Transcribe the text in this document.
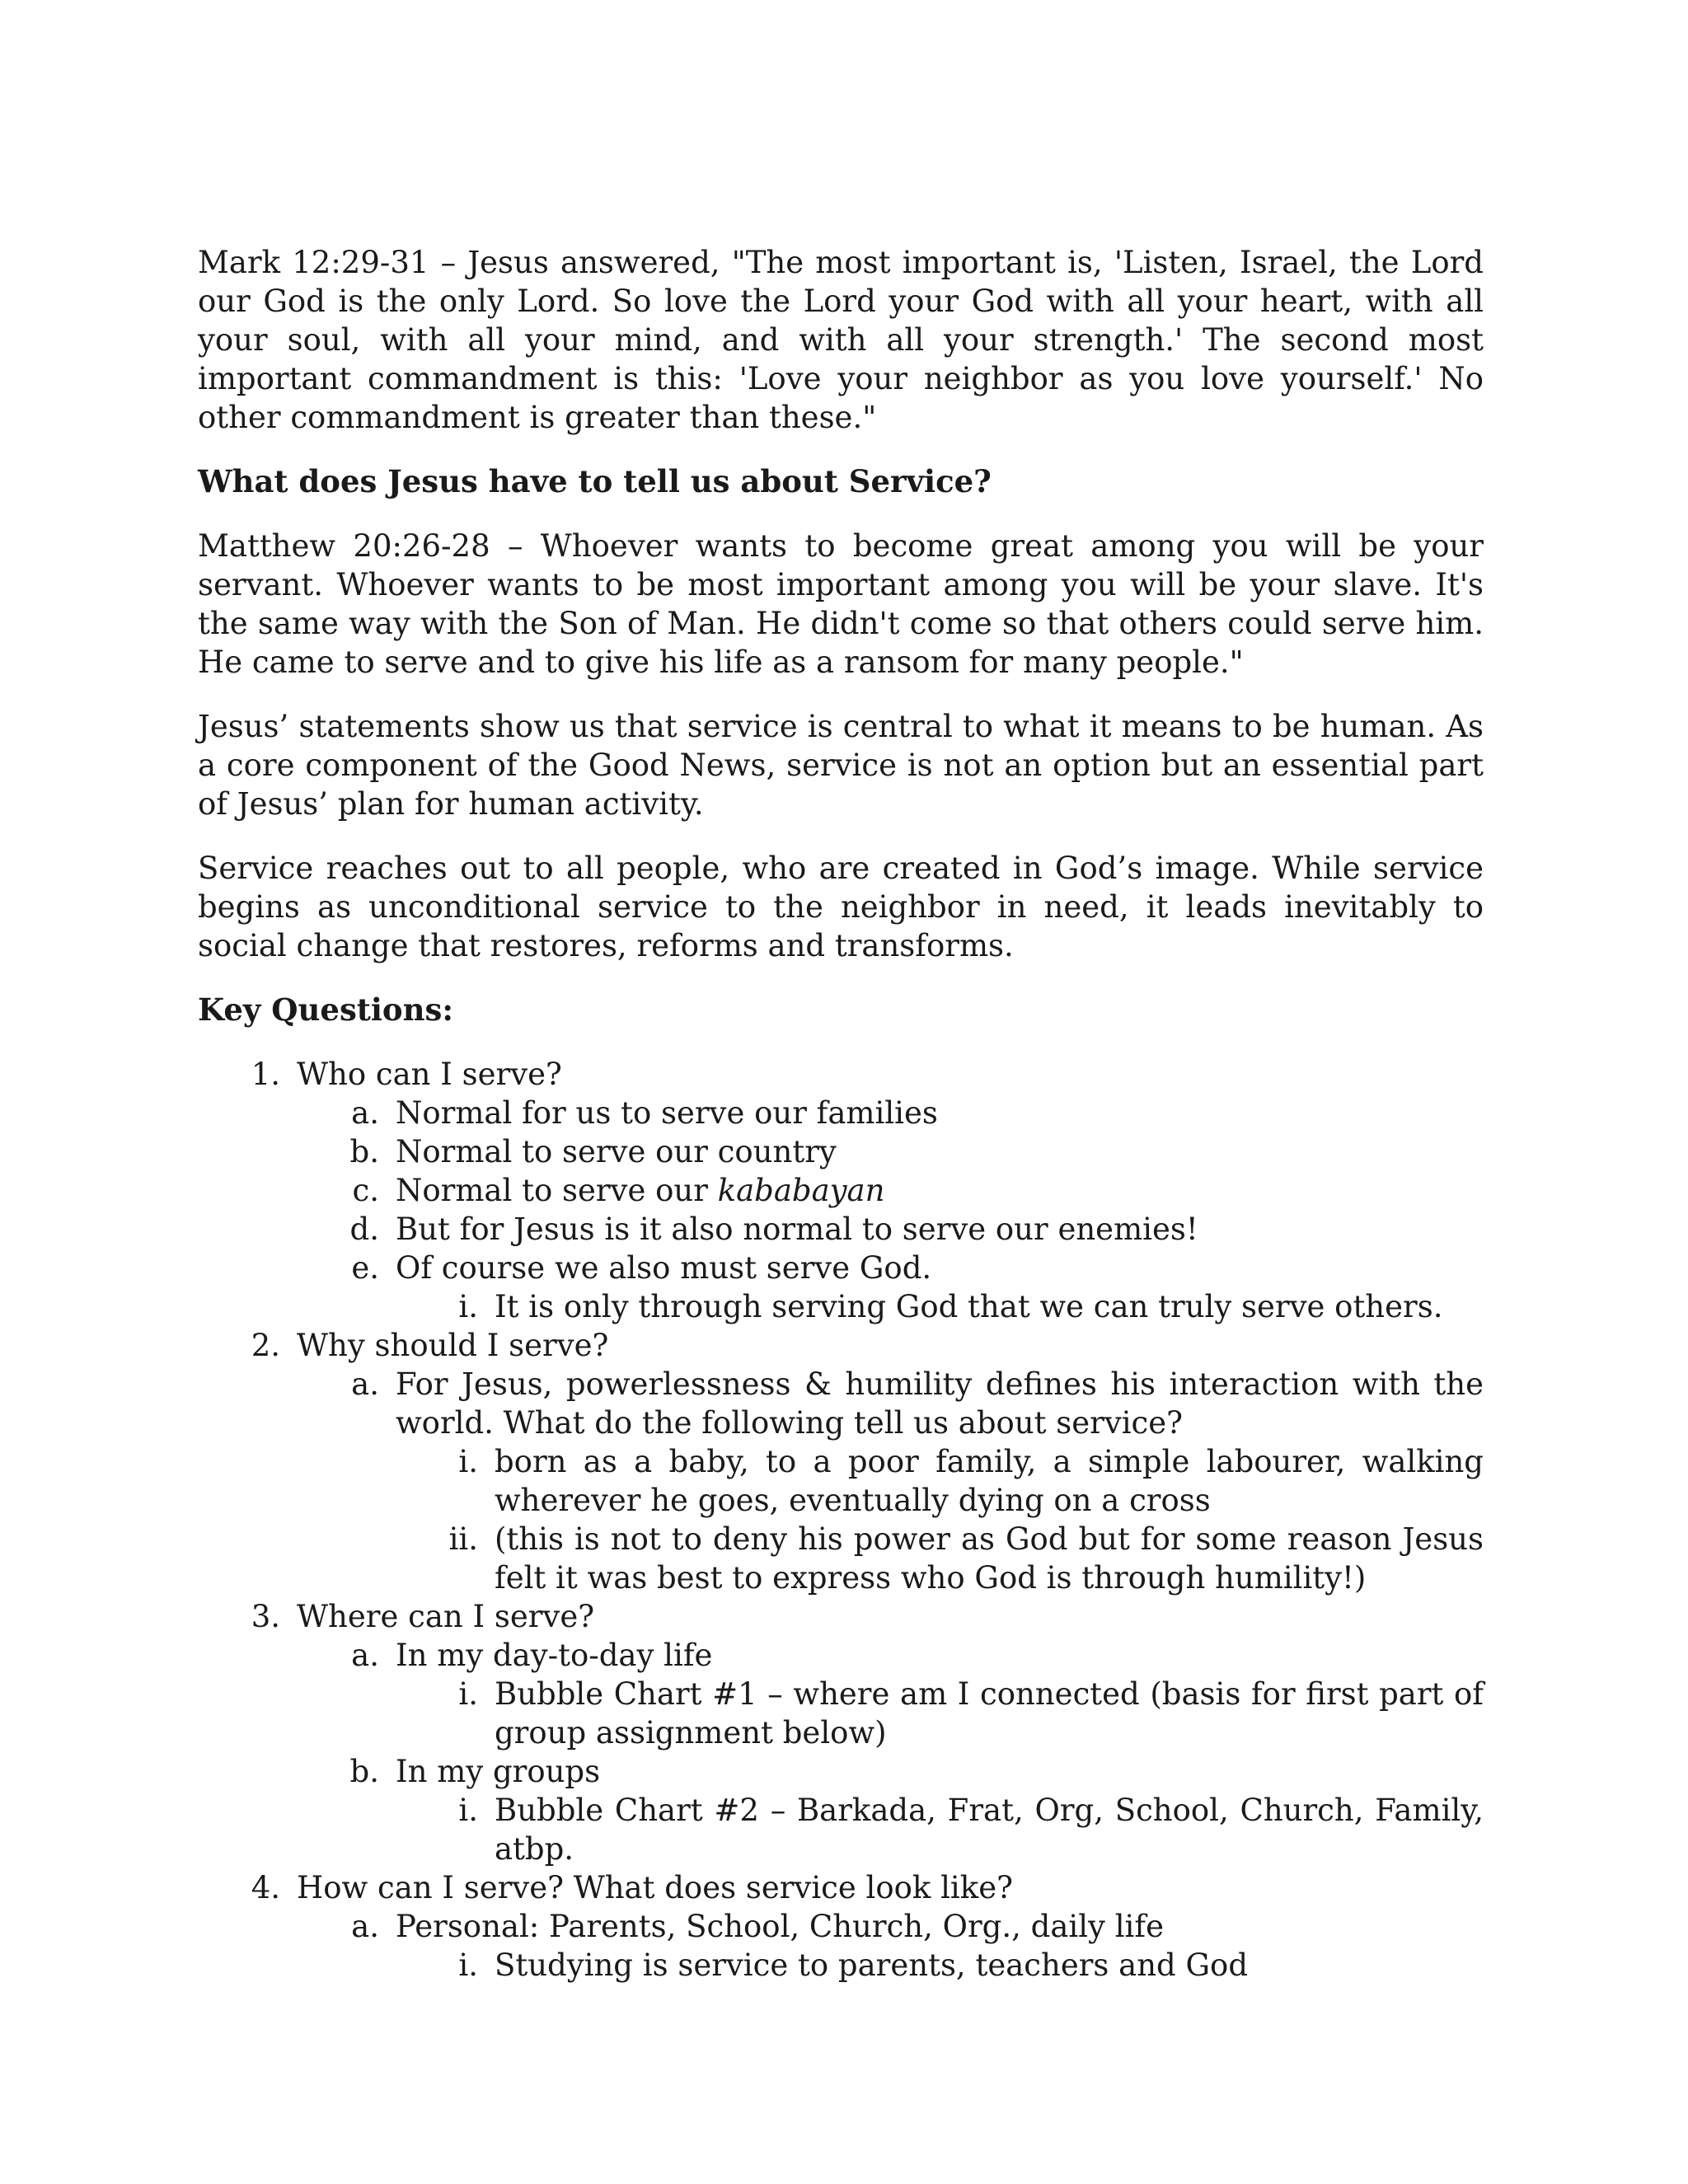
Mark 12:29-31 – Jesus answered, "The most important is, 'Listen, Israel, the Lord our God is the only Lord. So love the Lord your God with all your heart, with all your soul, with all your mind, and with all your strength.' The second most important commandment is this: 'Love your neighbor as you love yourself.' No other commandment is greater than these."

What does Jesus have to tell us about Service?

Matthew 20:26-28 – Whoever wants to become great among you will be your servant. Whoever wants to be most important among you will be your slave. It's the same way with the Son of Man. He didn't come so that others could serve him. He came to serve and to give his life as a ransom for many people."

Jesus’ statements show us that service is central to what it means to be human. As a core component of the Good News, service is not an option but an essential part of Jesus’ plan for human activity.

Service reaches out to all people, who are created in God’s image. While service begins as unconditional service to the neighbor in need, it leads inevitably to social change that restores, reforms and transforms.

Key Questions:
1. Who can I serve?
a. Normal for us to serve our families
b. Normal to serve our country
c. Normal to serve our kababayan
d. But for Jesus is it also normal to serve our enemies!
e. Of course we also must serve God.
i. It is only through serving God that we can truly serve others.
2. Why should I serve?
a. For Jesus, powerlessness & humility defines his interaction with the world. What do the following tell us about service?
i. born as a baby, to a poor family, a simple labourer, walking wherever he goes, eventually dying on a cross
ii. (this is not to deny his power as God but for some reason Jesus felt it was best to express who God is through humility!)
3. Where can I serve?
a. In my day-to-day life
i. Bubble Chart #1 – where am I connected (basis for first part of group assignment below)
b. In my groups
i. Bubble Chart #2 – Barkada, Frat, Org, School, Church, Family, atbp.
4. How can I serve? What does service look like?
a. Personal: Parents, School, Church, Org., daily life
i. Studying is service to parents, teachers and God
